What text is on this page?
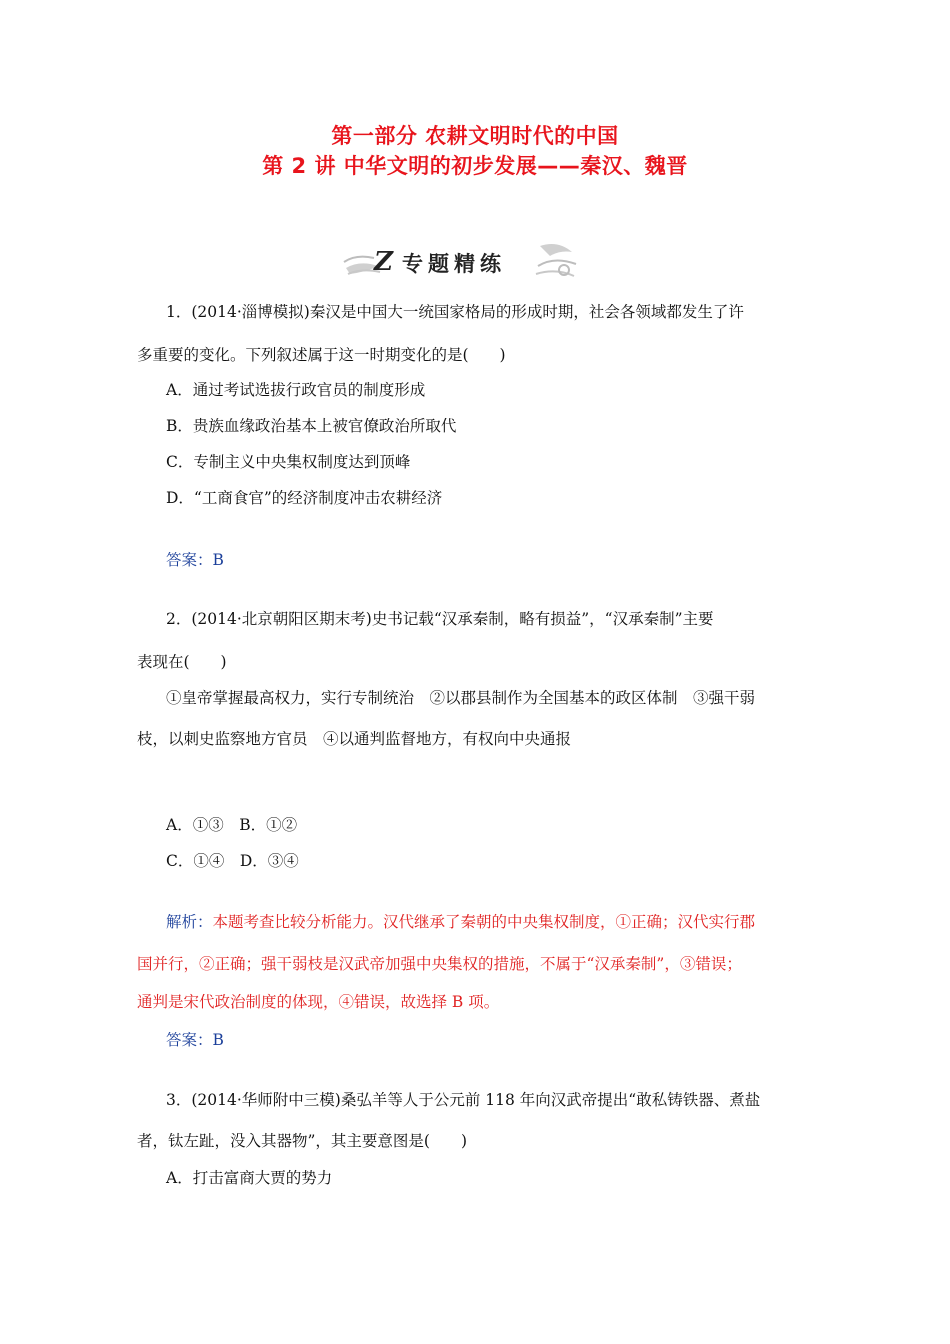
第一部分 农耕文明时代的中国
第 2 讲 中华文明的初步发展——秦汉、魏晋
Z 专题精练
1．(2014·淄博模拟)秦汉是中国大一统国家格局的形成时期，社会各领域都发生了许
多重要的变化。下列叙述属于这一时期变化的是(　　)
A．通过考试选拔行政官员的制度形成
B．贵族血缘政治基本上被官僚政治所取代
C．专制主义中央集权制度达到顶峰
D．“工商食官”的经济制度冲击农耕经济
答案：B
2．(2014·北京朝阳区期末考)史书记载“汉承秦制，略有损益”，“汉承秦制”主要
表现在(　　)
①皇帝掌握最高权力，实行专制统治　②以郡县制作为全国基本的政区体制　③强干弱
枝，以刺史监察地方官员　④以通判监督地方，有权向中央通报
A．①③　B．①②
C．①④　D．③④
解析：本题考查比较分析能力。汉代继承了秦朝的中央集权制度，①正确；汉代实行郡
国并行，②正确；强干弱枝是汉武帝加强中央集权的措施，不属于“汉承秦制”，③错误；
通判是宋代政治制度的体现，④错误，故选择 B 项。
答案：B
3．(2014·华师附中三模)桑弘羊等人于公元前 118 年向汉武帝提出“敢私铸铁器、煮盐
者，钛左趾，没入其器物”，其主要意图是(　　)
A．打击富商大贾的势力
